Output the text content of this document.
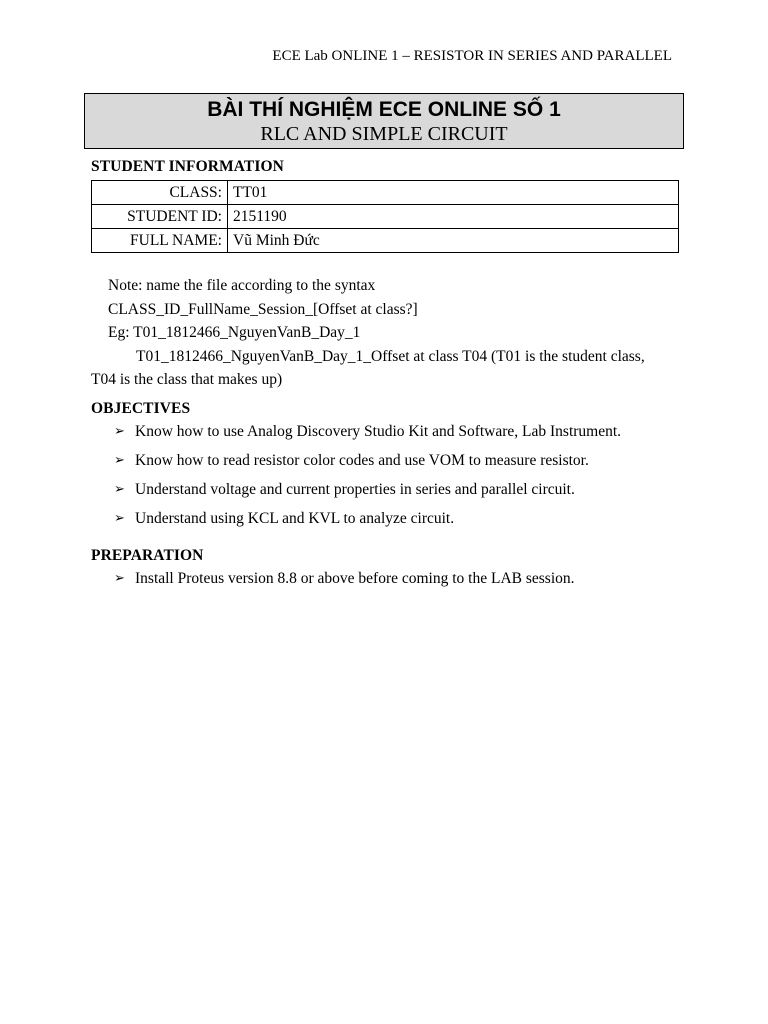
ECE Lab ONLINE 1 – RESISTOR IN SERIES AND PARALLEL
BÀI THÍ NGHIỆM ECE ONLINE SỐ 1
RLC AND SIMPLE CIRCUIT
STUDENT INFORMATION
CLASS:	TT01
STUDENT ID:	2151190
FULL NAME:	Vũ Minh Đức
Note: name the file according to the syntax
CLASS_ID_FullName_Session_[Offset at class?]
Eg: T01_1812466_NguyenVanB_Day_1
T01_1812466_NguyenVanB_Day_1_Offset at class T04 (T01 is the student class,
T04 is the class that makes up)
OBJECTIVES
➢ Know how to use Analog Discovery Studio Kit and Software, Lab Instrument.
➢ Know how to read resistor color codes and use VOM to measure resistor.
➢ Understand voltage and current properties in series and parallel circuit.
➢ Understand using KCL and KVL to analyze circuit.
PREPARATION
➢ Install Proteus version 8.8 or above before coming to the LAB session.
